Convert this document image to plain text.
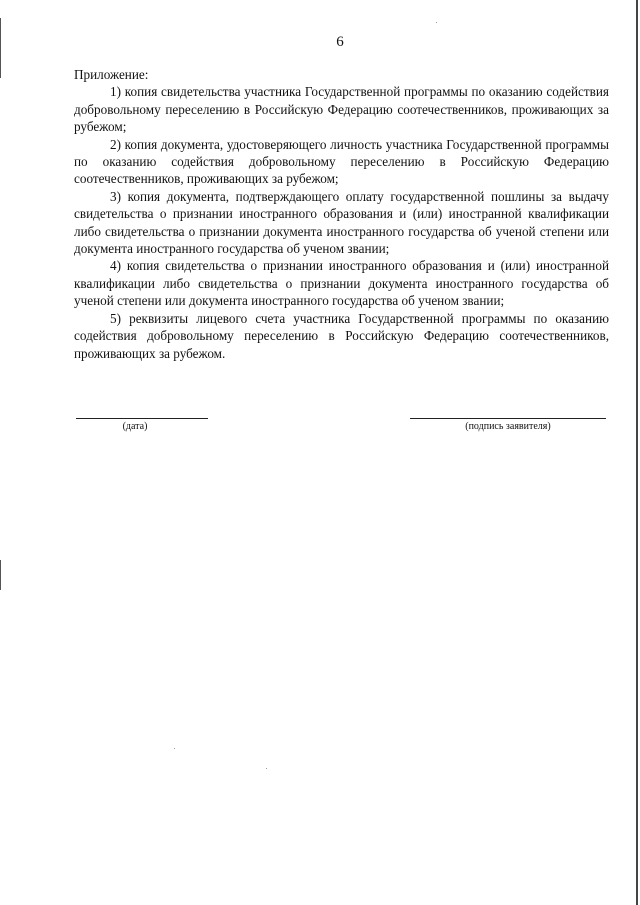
6

Приложение:

1) копия свидетельства участника Государственной программы по оказанию содействия добровольному переселению в Российскую Федерацию соотечественников, проживающих за рубежом;

2) копия документа, удостоверяющего личность участника Государственной программы по оказанию содействия добровольному переселению в Российскую Федерацию соотечественников, проживающих за рубежом;

3) копия документа, подтверждающего оплату государственной пошлины за выдачу свидетельства о признании иностранного образования и (или) иностранной квалификации либо свидетельства о признании документа иностранного государства об ученой степени или документа иностранного государства об ученом звании;

4) копия свидетельства о признании иностранного образования и (или) иностранной квалификации либо свидетельства о признании документа иностранного государства об ученой степени или документа иностранного государства об ученом звании;

5) реквизиты лицевого счета участника Государственной программы по оказанию содействия добровольному переселению в Российскую Федерацию соотечественников, проживающих за рубежом.

(дата)	(подпись заявителя)
